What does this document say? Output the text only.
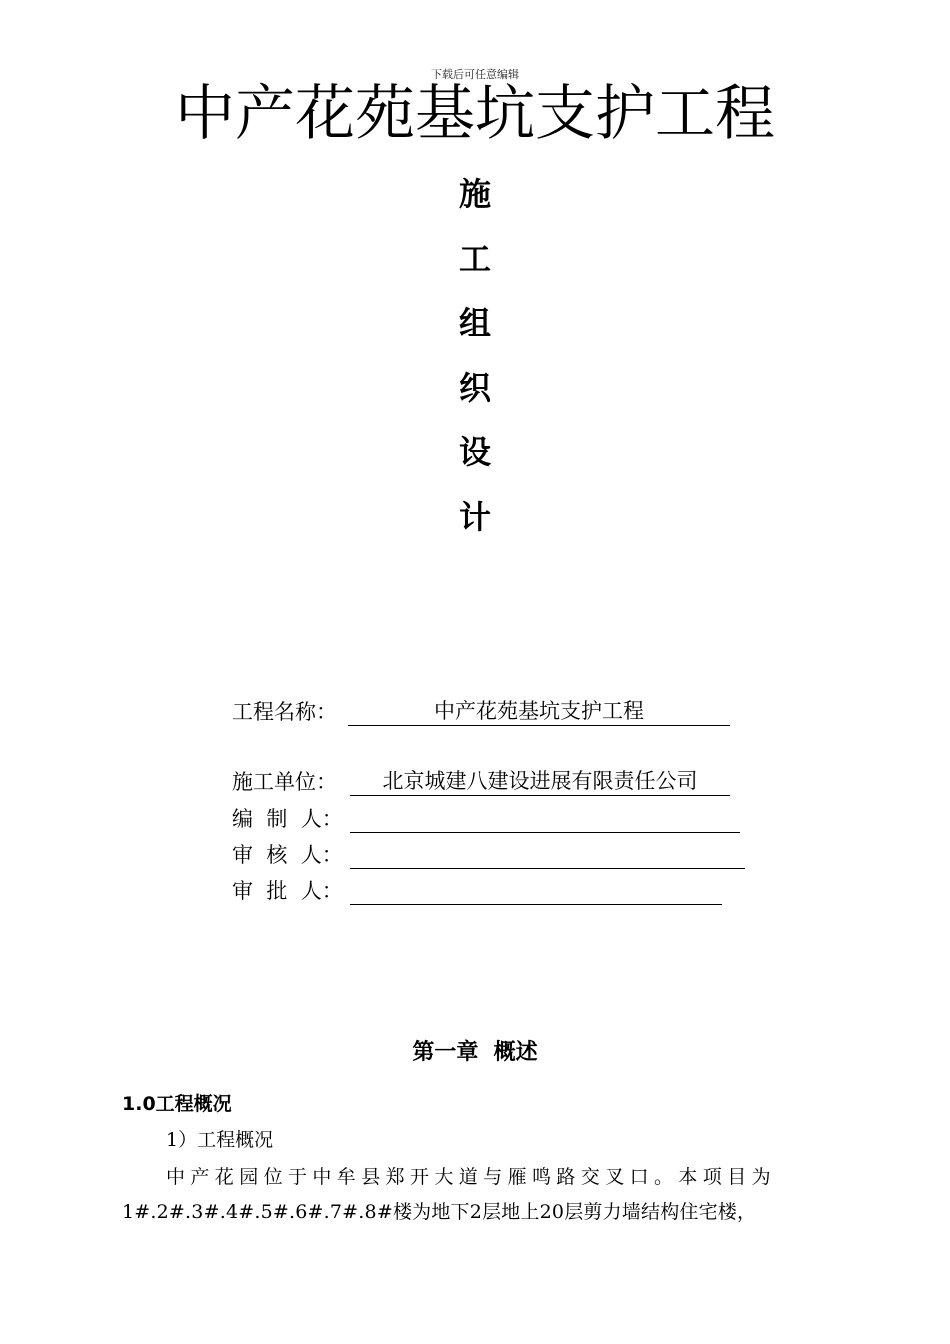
下载后可任意编辑
中产花苑基坑支护工程
施
工
组
织
设
计
工程名称：	中产花苑基坑支护工程
施工单位：	北京城建八建设进展有限责任公司
编  制  人：
审  核  人：
审  批  人：
第一章  概述
1.0工程概况
1）工程概况
中产花园位于中牟县郑开大道与雁鸣路交叉口。本项目为
1#.2#.3#.4#.5#.6#.7#.8#楼为地下2层地上20层剪力墙结构住宅楼，
